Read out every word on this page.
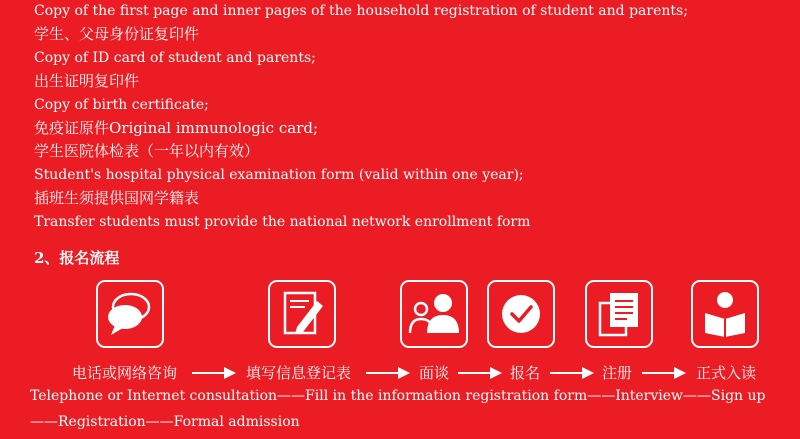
Copy of the first page and inner pages of the household registration of student and parents;
学生、父母身份证复印件
Copy of ID card of student and parents;
出生证明复印件
Copy of birth certificate;
免疫证原件Original immunologic card;
学生医院体检表（一年以内有效）
Student's hospital physical examination form (valid within one year);
插班生须提供国网学籍表
Transfer students must provide the national network enrollment form
2、报名流程
电话或网络咨询	填写信息登记表	面谈	报名	注册	正式入读
Telephone or Internet consultation——Fill in the information registration form——Interview——Sign up
——Registration——Formal admission
